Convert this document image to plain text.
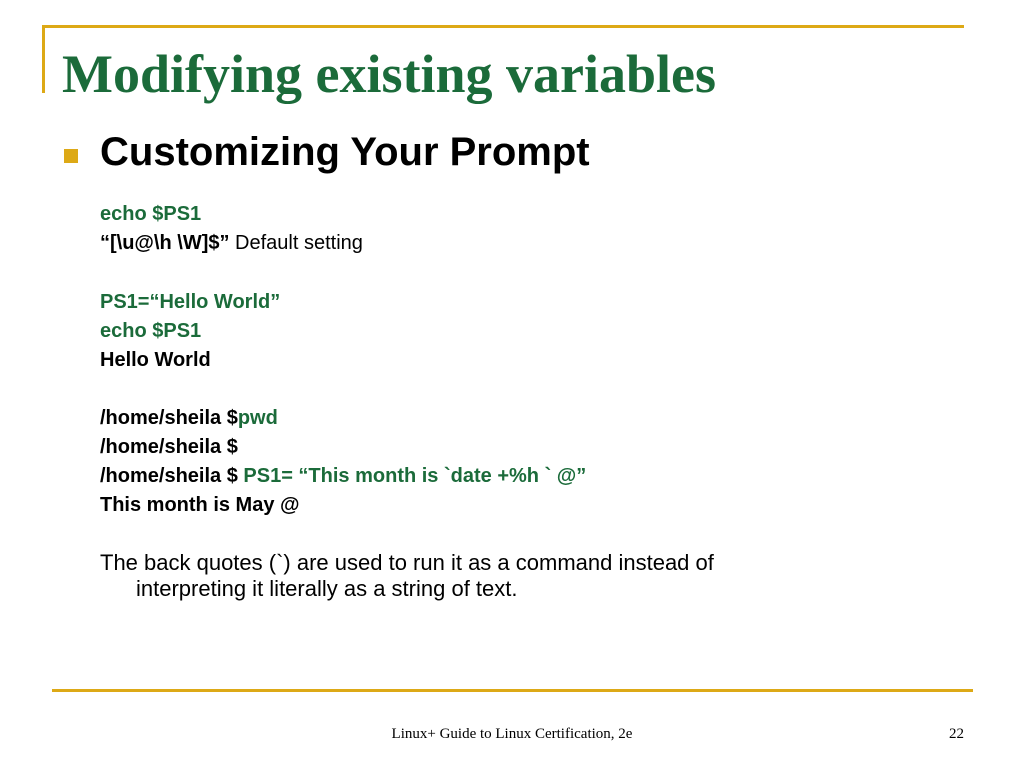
Modifying existing variables
Customizing Your Prompt
echo $PS1
“[\u@\h \W]$” Default setting
PS1=“Hello World”
echo $PS1
Hello World
/home/sheila $pwd
/home/sheila $
/home/sheila $ PS1= “This month is `date +%h ` @”
This month is May @
The back quotes (`) are used to run it as a command instead of
interpreting it literally as a string of text.
Linux+ Guide to Linux Certification, 2e	22
